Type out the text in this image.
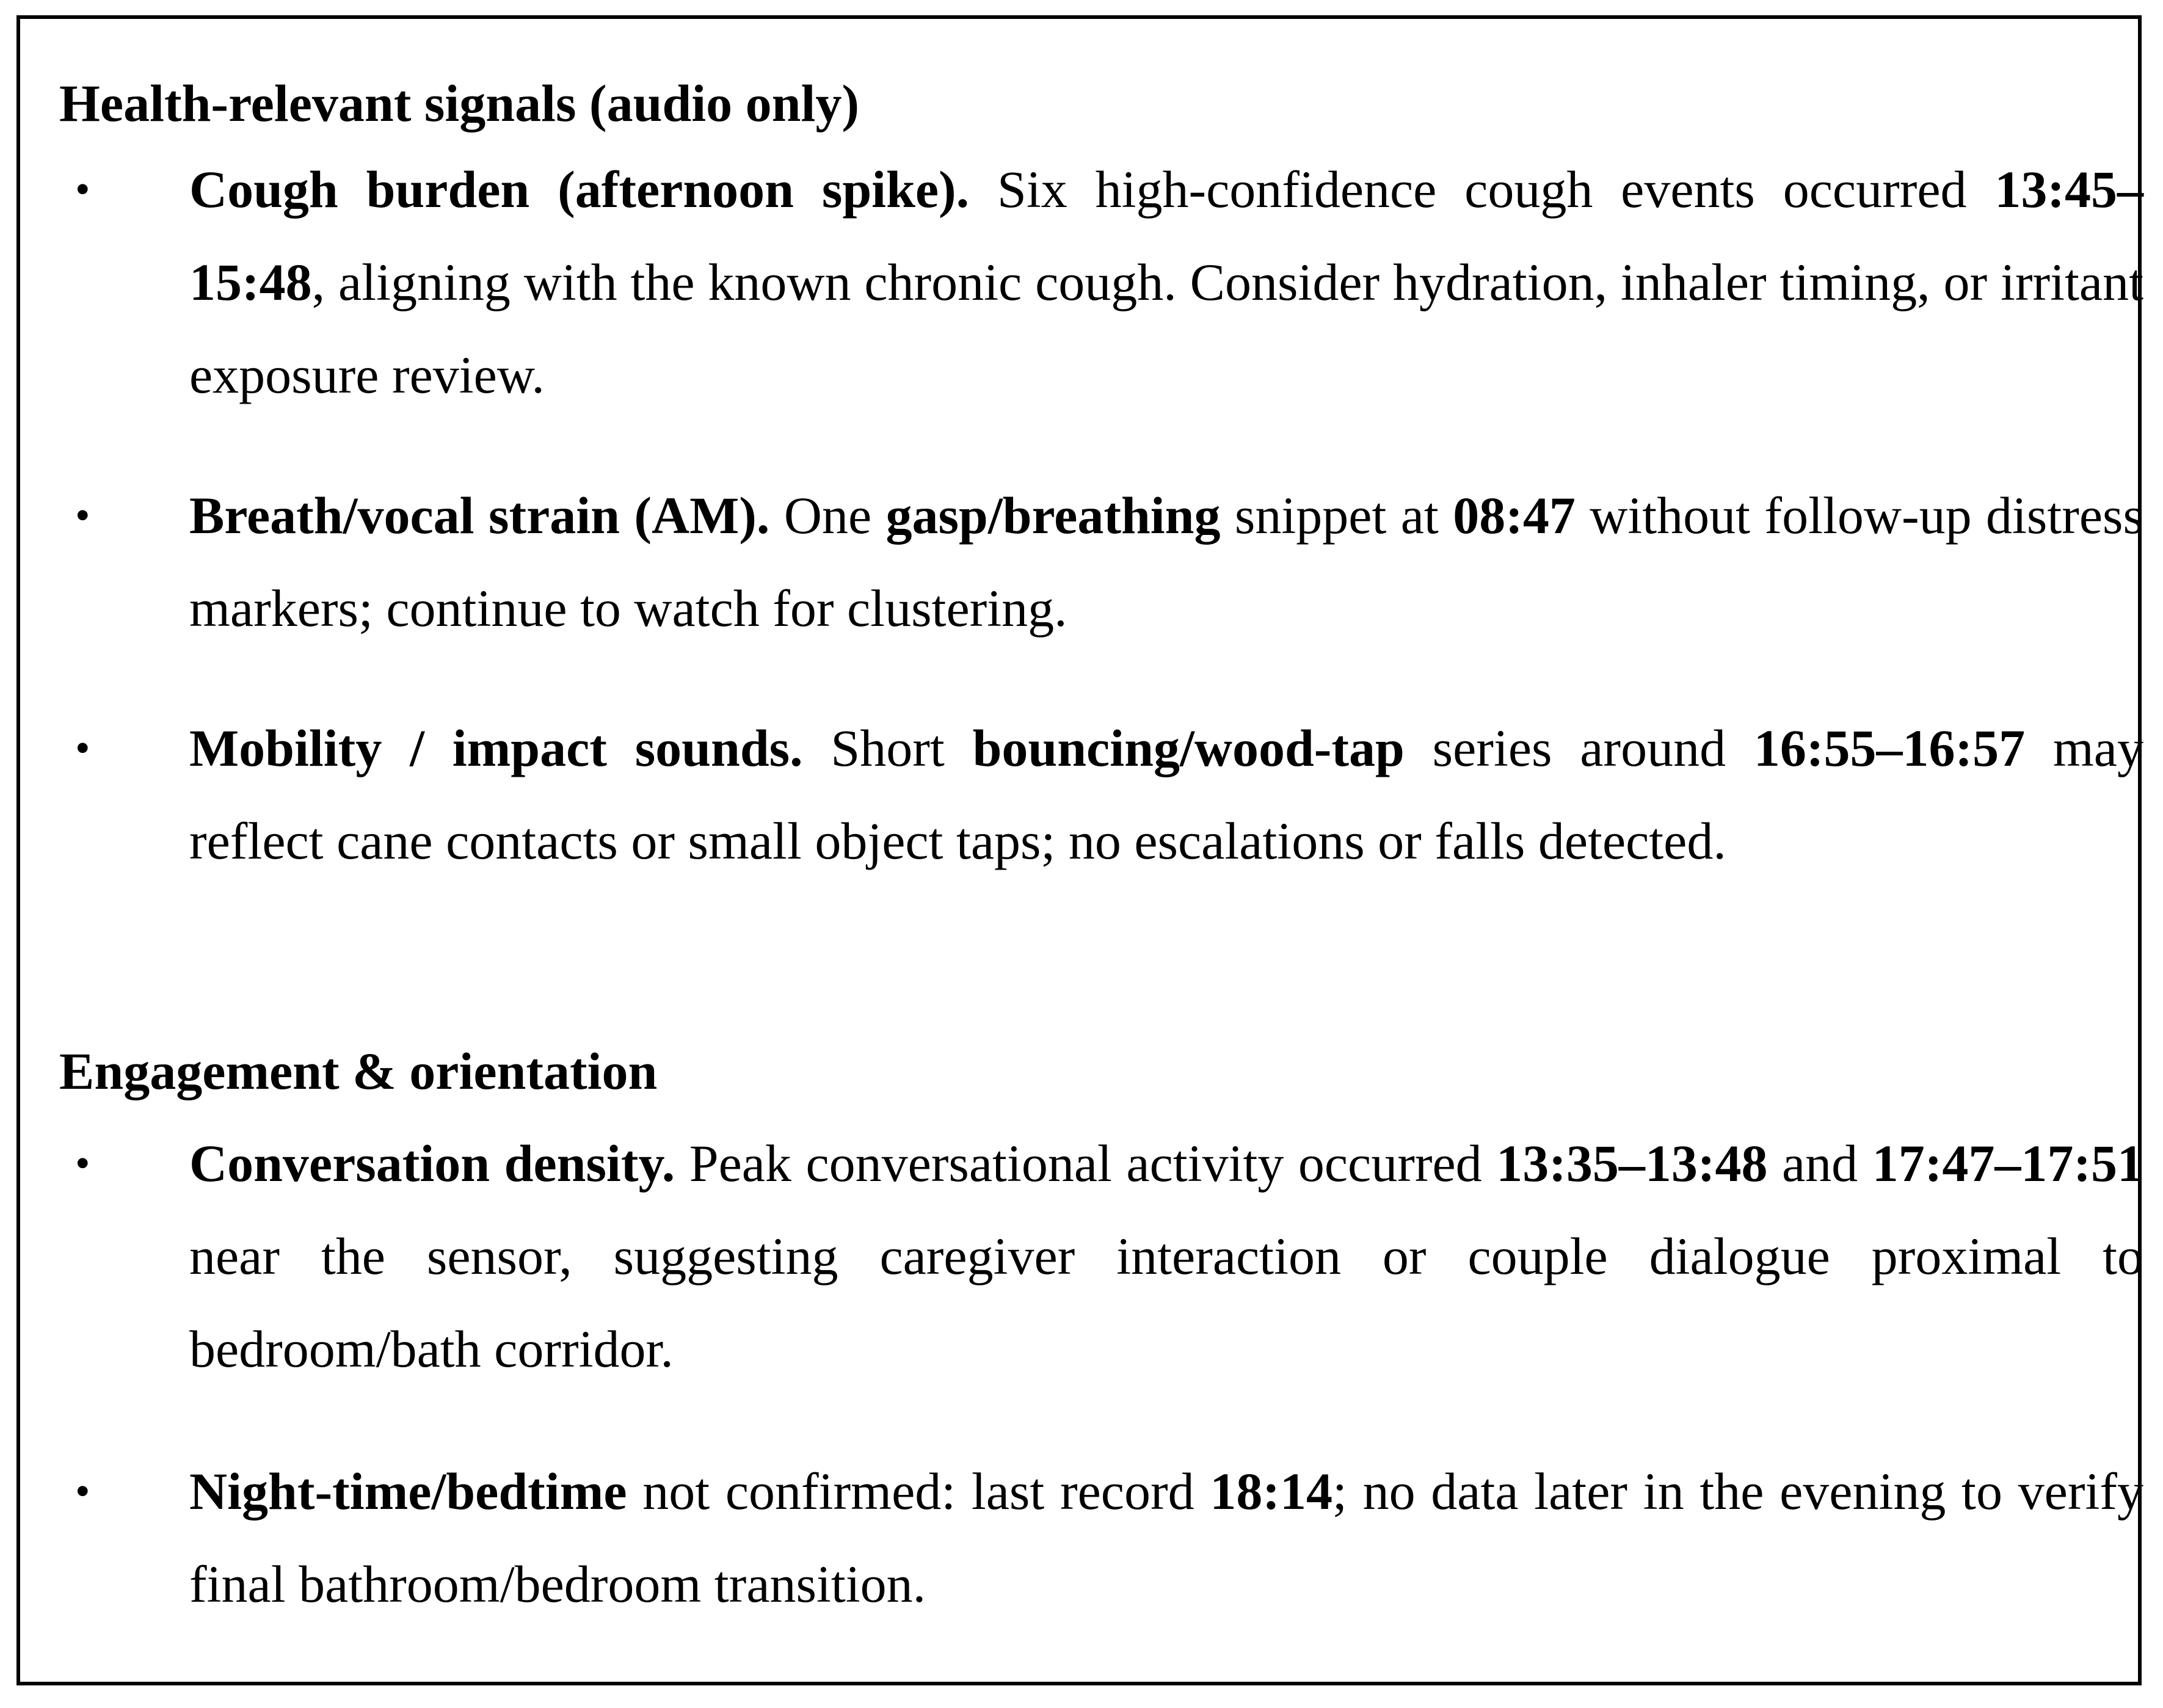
Health-relevant signals (audio only)
• Cough burden (afternoon spike). Six high-confidence cough events occurred 13:45–15:48, aligning with the known chronic cough. Consider hydration, inhaler timing, or irritant exposure review.
• Breath/vocal strain (AM). One gasp/breathing snippet at 08:47 without follow-up distress markers; continue to watch for clustering.
• Mobility / impact sounds. Short bouncing/wood-tap series around 16:55–16:57 may reflect cane contacts or small object taps; no escalations or falls detected.
Engagement & orientation
• Conversation density. Peak conversational activity occurred 13:35–13:48 and 17:47–17:51 near the sensor, suggesting caregiver interaction or couple dialogue proximal to bedroom/bath corridor.
• Night-time/bedtime not confirmed: last record 18:14; no data later in the evening to verify final bathroom/bedroom transition.
